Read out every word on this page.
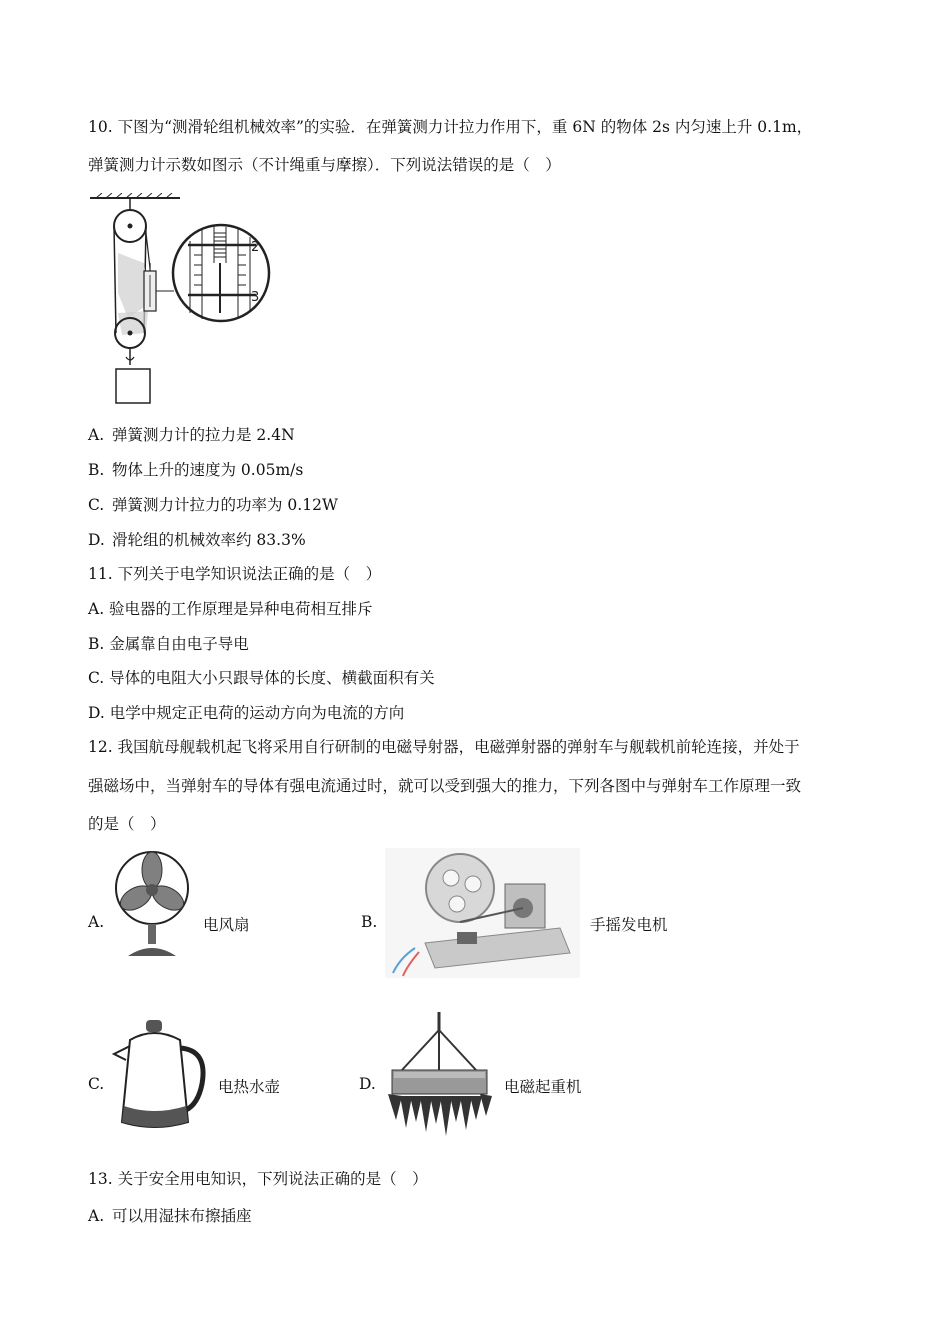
10. 下图为“测滑轮组机械效率”的实验．在弹簧测力计拉力作用下，重 6N 的物体 2s 内匀速上升 0.1m，
弹簧测力计示数如图示（不计绳重与摩擦）．下列说法错误的是（　）
2
3
A. 弹簧测力计的拉力是 2.4N
B. 物体上升的速度为 0.05m/s
C. 弹簧测力计拉力的功率为 0.12W
D. 滑轮组的机械效率约 83.3%
11. 下列关于电学知识说法正确的是（　）
A. 验电器的工作原理是异种电荷相互排斥
B. 金属靠自由电子导电
C. 导体的电阻大小只跟导体的长度、横截面积有关
D. 电学中规定正电荷的运动方向为电流的方向
12. 我国航母舰载机起飞将采用自行研制的电磁导射器，电磁弹射器的弹射车与舰载机前轮连接，并处于
强磁场中，当弹射车的导体有强电流通过时，就可以受到强大的推力，下列各图中与弹射车工作原理一致
的是（　）
A.	电风扇	B.	手摇发电机
C.	电热水壶	D.	电磁起重机
13. 关于安全用电知识，下列说法正确的是（　）
A. 可以用湿抹布擦插座
